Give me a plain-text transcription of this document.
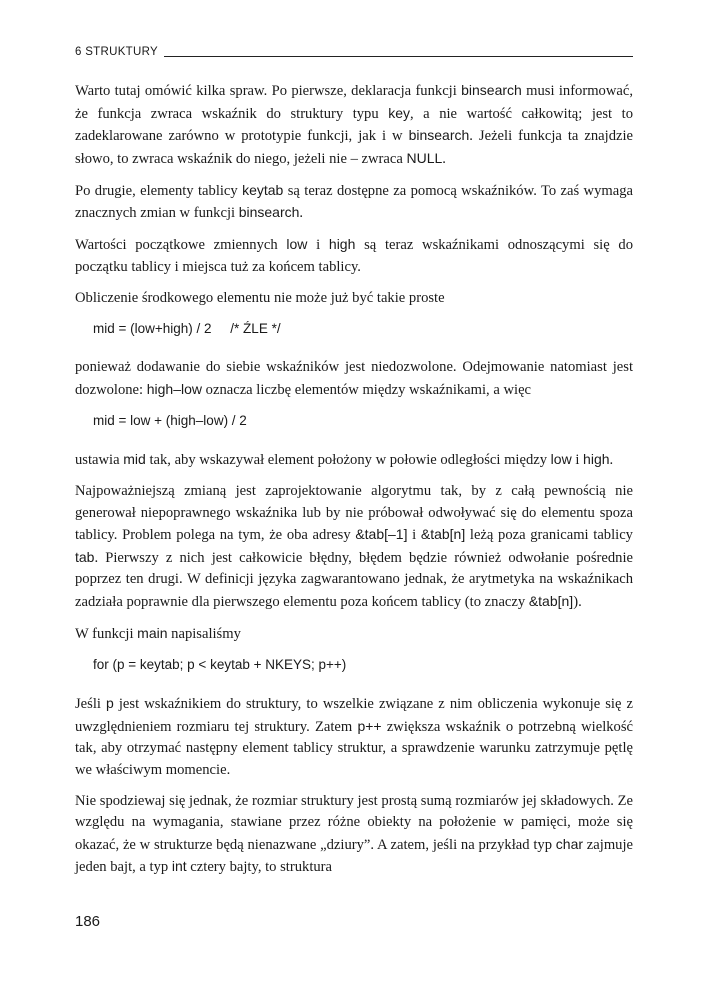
6 STRUKTURY

Warto tutaj omówić kilka spraw. Po pierwsze, deklaracja funkcji binsearch musi informować, że funkcja zwraca wskaźnik do struktury typu key, a nie wartość całkowitą; jest to zadeklarowane zarówno w prototypie funkcji, jak i w binsearch. Jeżeli funkcja ta znajdzie słowo, to zwraca wskaźnik do niego, jeżeli nie – zwraca NULL.

Po drugie, elementy tablicy keytab są teraz dostępne za pomocą wskaźników. To zaś wymaga znacznych zmian w funkcji binsearch.

Wartości początkowe zmiennych low i high są teraz wskaźnikami odnoszącymi się do początku tablicy i miejsca tuż za końcem tablicy.

Obliczenie środkowego elementu nie może już być takie proste

mid = (low+high) / 2     /* ŹLE */

ponieważ dodawanie do siebie wskaźników jest niedozwolone. Odejmowanie natomiast jest dozwolone: high–low oznacza liczbę elementów między wskaźnikami, a więc

mid = low + (high–low) / 2

ustawia mid tak, aby wskazywał element położony w połowie odległości między low i high.

Najpoważniejszą zmianą jest zaprojektowanie algorytmu tak, by z całą pewnością nie generował niepoprawnego wskaźnika lub by nie próbował odwoływać się do elementu spoza tablicy. Problem polega na tym, że oba adresy &tab[–1] i &tab[n] leżą poza granicami tablicy tab. Pierwszy z nich jest całkowicie błędny, błędem będzie również odwołanie pośrednie poprzez ten drugi. W definicji języka zagwarantowano jednak, że arytmetyka na wskaźnikach zadziała poprawnie dla pierwszego elementu poza końcem tablicy (to znaczy &tab[n]).

W funkcji main napisaliśmy

for (p = keytab; p < keytab + NKEYS; p++)

Jeśli p jest wskaźnikiem do struktury, to wszelkie związane z nim obliczenia wykonuje się z uwzględnieniem rozmiaru tej struktury. Zatem p++ zwiększa wskaźnik o potrzebną wielkość tak, aby otrzymać następny element tablicy struktur, a sprawdzenie warunku zatrzymuje pętlę we właściwym momencie.

Nie spodziewaj się jednak, że rozmiar struktury jest prostą sumą rozmiarów jej składowych. Ze względu na wymagania, stawiane przez różne obiekty na położenie w pamięci, może się okazać, że w strukturze będą nienazwane „dziury”. A zatem, jeśli na przykład typ char zajmuje jeden bajt, a typ int cztery bajty, to struktura

186
